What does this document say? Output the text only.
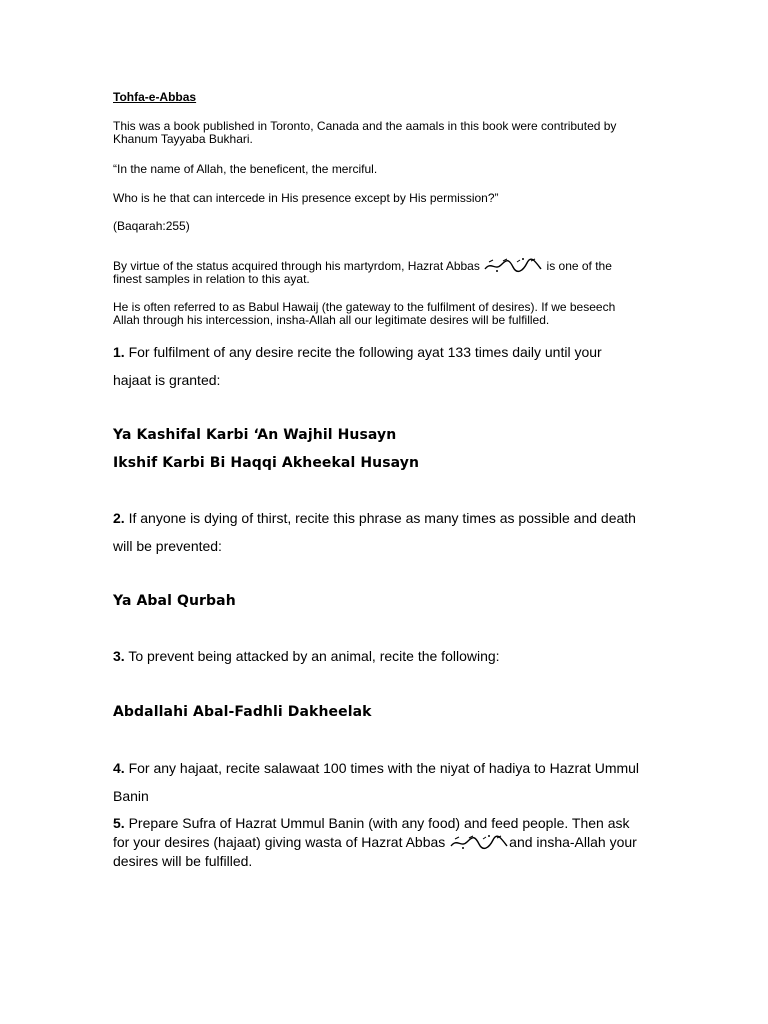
Tohfa-e-Abbas

This was a book published in Toronto, Canada and the aamals in this book were contributed by Khanum Tayyaba Bukhari.

“In the name of Allah, the beneficent, the merciful.

Who is he that can intercede in His presence except by His permission?”

(Baqarah:255)

By virtue of the status acquired through his martyrdom, Hazrat Abbas	is one of the finest samples in relation to this ayat.

He is often referred to as Babul Hawaij (the gateway to the fulfilment of desires). If we beseech Allah through his intercession, insha-Allah all our legitimate desires will be fulfilled.

1. For fulfilment of any desire recite the following ayat 133 times daily until your hajaat is granted:

Ya Kashifal Karbi ‘An Wajhil Husayn

Ikshif Karbi Bi Haqqi Akheekal Husayn

2. If anyone is dying of thirst, recite this phrase as many times as possible and death will be prevented:

Ya Abal Qurbah

3. To prevent being attacked by an animal, recite the following:

Abdallahi Abal-Fadhli Dakheelak

4. For any hajaat, recite salawaat 100 times with the niyat of hadiya to Hazrat Ummul Banin

5. Prepare Sufra of Hazrat Ummul Banin (with any food) and feed people. Then ask for your desires (hajaat) giving wasta of Hazrat Abbas	and insha-Allah your desires will be fulfilled.
